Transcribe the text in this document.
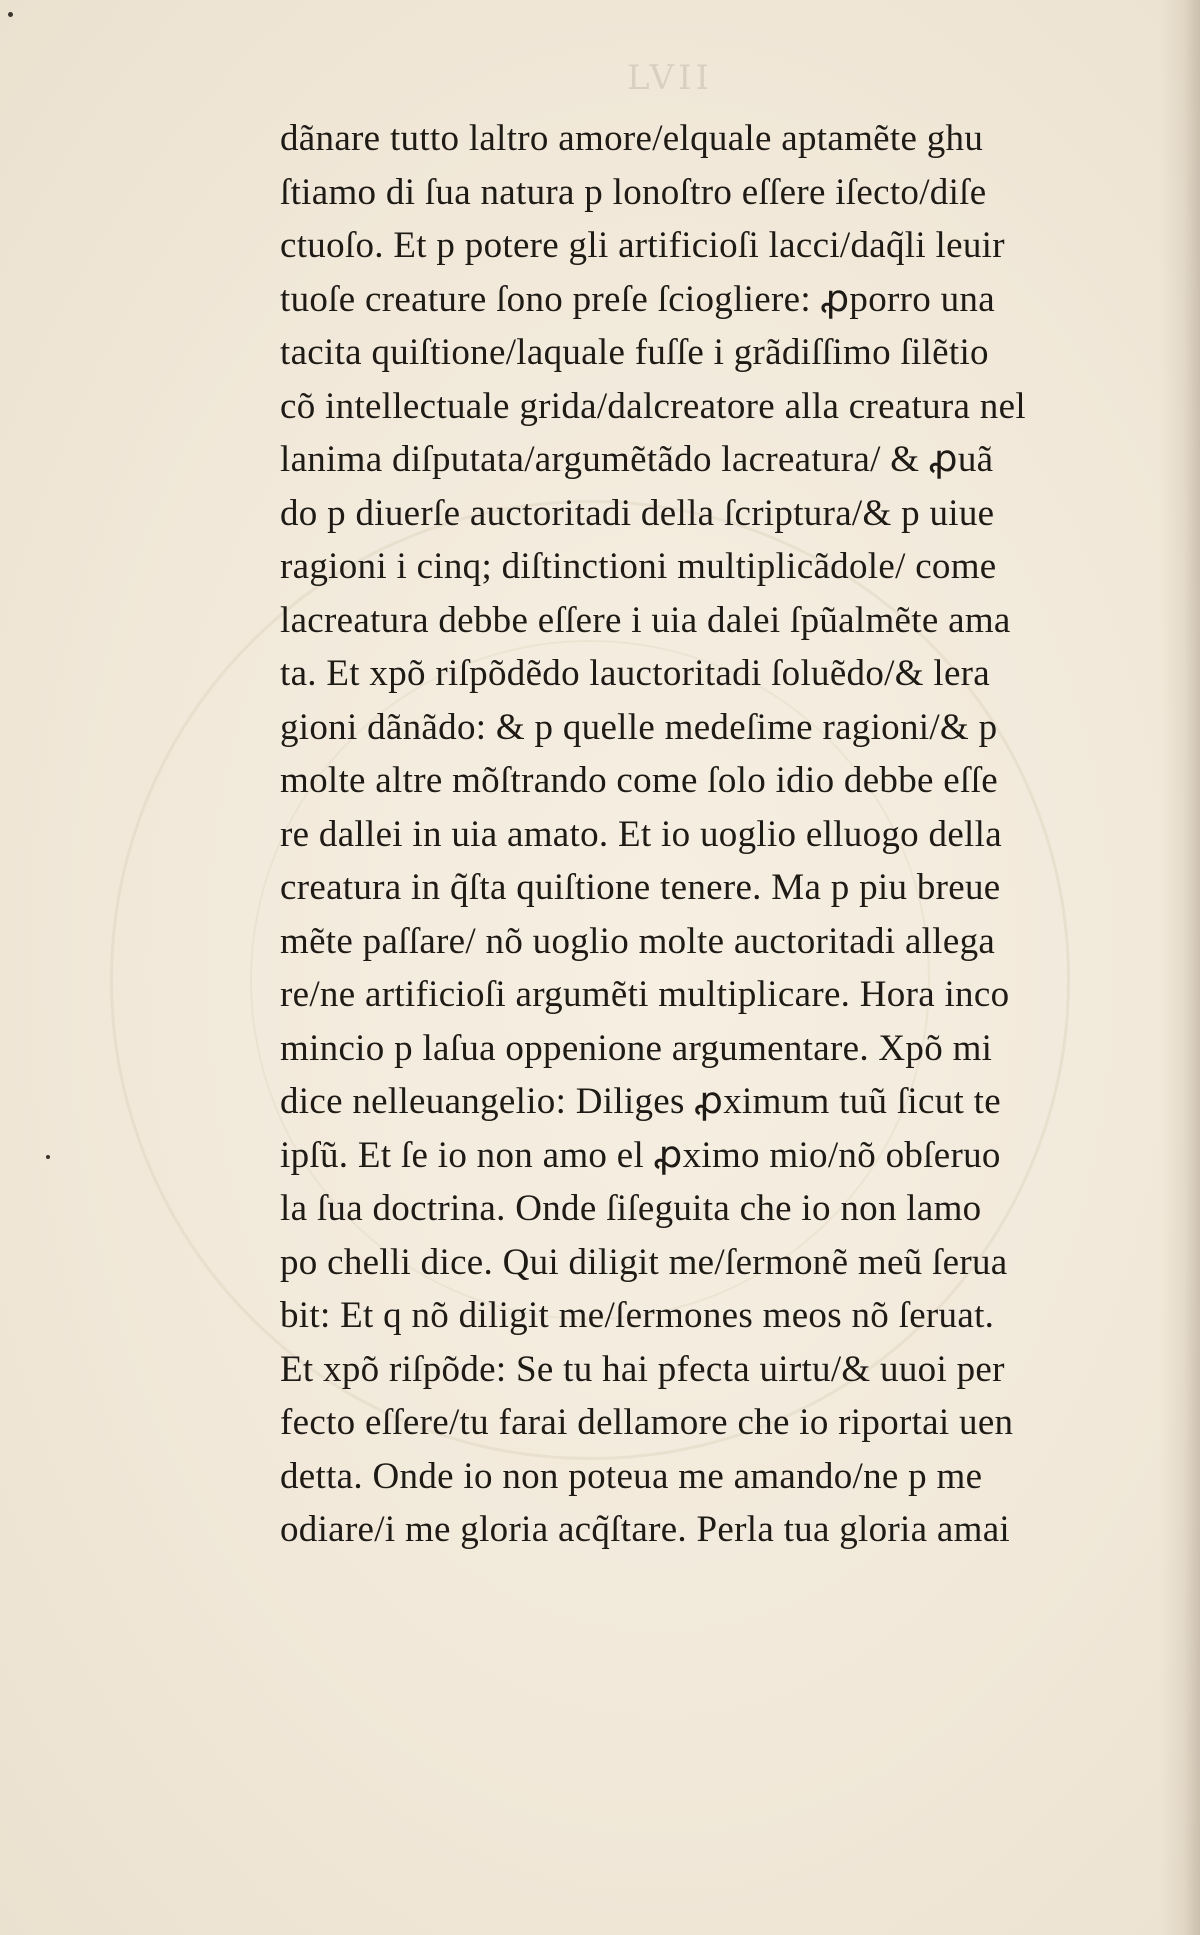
LVII
dãnare tutto laltro amore/elquale aptamẽte ghu
ſtiamo di ſua natura p lonoſtro eſſere iſecto/diſe
ctuoſo. Et p potere gli artificioſi lacci/daq̃li leuir
tuoſe creature ſono preſe ſciogliere: ꝓporro una
tacita quiſtione/laquale fuſſe i grãdiſſimo ſilẽtio
cõ intellectuale grida/dalcreatore alla creatura nel
lanima diſputata/argumẽtãdo lacreatura/ & ꝓuã
do p diuerſe auctoritadi della ſcriptura/& p uiue
ragioni i cinq; diſtinctioni multiplicãdole/ come
lacreatura debbe eſſere i uia dalei ſpũalmẽte ama
ta. Et xpõ riſpõdẽdo lauctoritadi ſoluẽdo/& lera
gioni dãnãdo: & p quelle medeſime ragioni/& p
molte altre mõſtrando come ſolo idio debbe eſſe
re dallei in uia amato. Et io uoglio elluogo della
creatura in q̃ſta quiſtione tenere. Ma p piu breue
mẽte paſſare/ nõ uoglio molte auctoritadi allega
re/ne artificioſi argumẽti multiplicare. Hora inco
mincio p laſua oppenione argumentare. Xpõ mi
dice nelleuangelio: Diliges ꝓximum tuũ ſicut te
ipſũ. Et ſe io non amo el ꝓximo mio/nõ obſeruo
la ſua doctrina. Onde ſiſeguita che io non lamo
po chelli dice. Qui diligit me/ſermonẽ meũ ſerua
bit: Et q nõ diligit me/ſermones meos nõ ſeruat.
Et xpõ riſpõde: Se tu hai pfecta uirtu/& uuoi per
fecto eſſere/tu farai dellamore che io riportai uen
detta. Onde io non poteua me amando/ne p me
odiare/i me gloria acq̃ſtare. Perla tua gloria amai
